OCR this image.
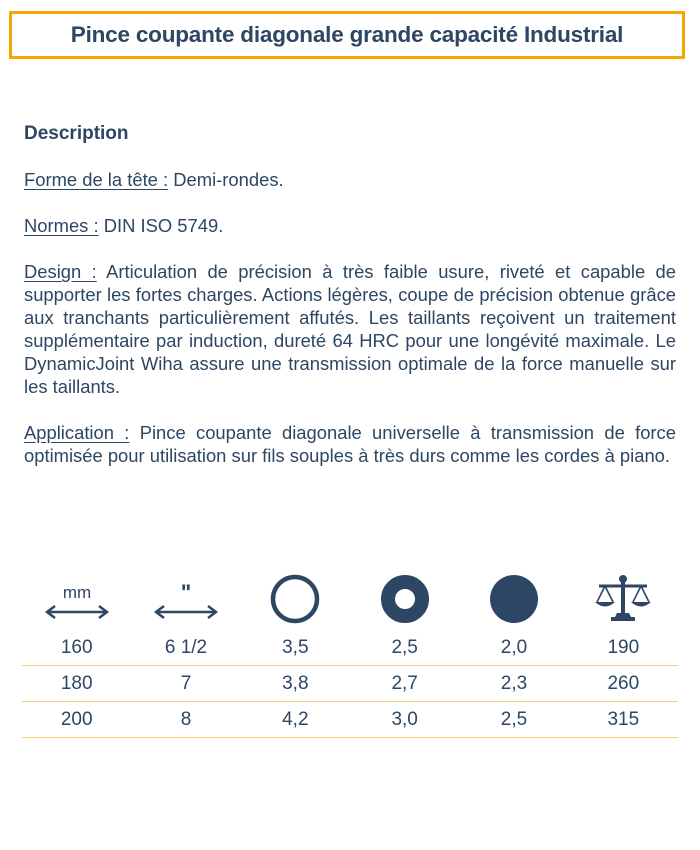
Pince coupante diagonale grande capacité Industrial
Description

Forme de la tête : Demi-rondes.

Normes : DIN ISO 5749.

Design : Articulation de précision à très faible usure, riveté et capable de supporter les fortes charges. Actions légères, coupe de précision obtenue grâce aux tranchants particulièrement affutés. Les taillants reçoivent un traitement supplémentaire par induction, dureté 64 HRC pour une longévité maximale. Le DynamicJoint Wiha assure une transmission optimale de la force manuelle sur les taillants.

Application : Pince coupante diagonale universelle à transmission de force optimisée pour utilisation sur fils souples à très durs comme les cordes à piano.

mm	"
160	6 1/2	3,5	2,5	2,0	190
180	7	3,8	2,7	2,3	260
200	8	4,2	3,0	2,5	315
